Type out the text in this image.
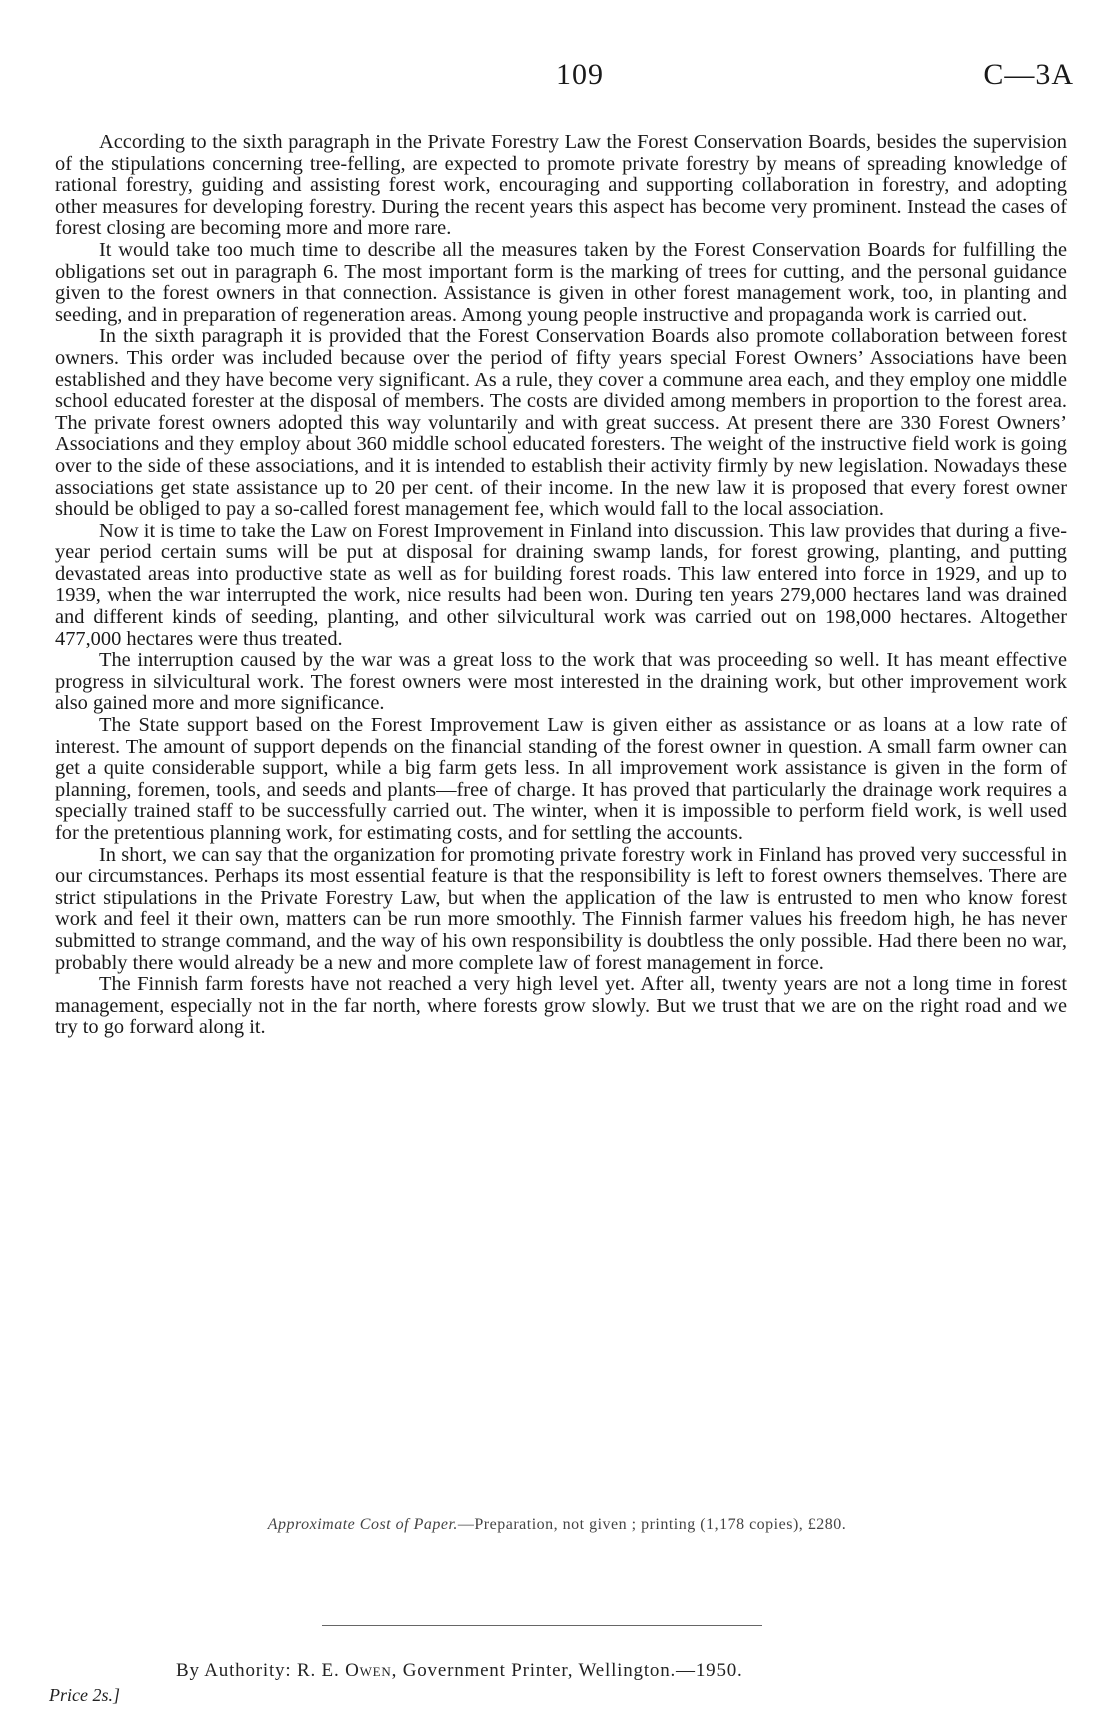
109	C—3A

According to the sixth paragraph in the Private Forestry Law the Forest Conservation Boards, besides the supervision of the stipulations concerning tree-felling, are expected to promote private forestry by means of spreading knowledge of rational forestry, guiding and assisting forest work, encouraging and supporting collaboration in forestry, and adopting other measures for developing forestry. During the recent years this aspect has become very prominent. Instead the cases of forest closing are becoming more and more rare.

It would take too much time to describe all the measures taken by the Forest Conservation Boards for fulfilling the obligations set out in paragraph 6. The most important form is the marking of trees for cutting, and the personal guidance given to the forest owners in that connection. Assistance is given in other forest management work, too, in planting and seeding, and in preparation of regeneration areas. Among young people instructive and propaganda work is carried out.

In the sixth paragraph it is provided that the Forest Conservation Boards also promote collaboration between forest owners. This order was included because over the period of fifty years special Forest Owners’ Associations have been established and they have become very significant. As a rule, they cover a commune area each, and they employ one middle school educated forester at the disposal of members. The costs are divided among members in proportion to the forest area. The private forest owners adopted this way voluntarily and with great success. At present there are 330 Forest Owners’ Associations and they employ about 360 middle school educated foresters. The weight of the instructive field work is going over to the side of these associations, and it is intended to establish their activity firmly by new legislation. Nowadays these associations get state assistance up to 20 per cent. of their income. In the new law it is proposed that every forest owner should be obliged to pay a so-called forest management fee, which would fall to the local association.

Now it is time to take the Law on Forest Improvement in Finland into discussion. This law provides that during a five-year period certain sums will be put at disposal for draining swamp lands, for forest growing, planting, and putting devastated areas into productive state as well as for building forest roads. This law entered into force in 1929, and up to 1939, when the war interrupted the work, nice results had been won. During ten years 279,000 hectares land was drained and different kinds of seeding, planting, and other silvicultural work was carried out on 198,000 hectares. Altogether 477,000 hectares were thus treated.

The interruption caused by the war was a great loss to the work that was proceeding so well. It has meant effective progress in silvicultural work. The forest owners were most interested in the draining work, but other improvement work also gained more and more significance.

The State support based on the Forest Improvement Law is given either as assistance or as loans at a low rate of interest. The amount of support depends on the financial standing of the forest owner in question. A small farm owner can get a quite considerable support, while a big farm gets less. In all improvement work assistance is given in the form of planning, foremen, tools, and seeds and plants—free of charge. It has proved that particularly the drainage work requires a specially trained staff to be successfully carried out. The winter, when it is impossible to perform field work, is well used for the pretentious planning work, for estimating costs, and for settling the accounts.

In short, we can say that the organization for promoting private forestry work in Finland has proved very successful in our circumstances. Perhaps its most essential feature is that the responsibility is left to forest owners themselves. There are strict stipulations in the Private Forestry Law, but when the application of the law is entrusted to men who know forest work and feel it their own, matters can be run more smoothly. The Finnish farmer values his freedom high, he has never submitted to strange command, and the way of his own responsibility is doubtless the only possible. Had there been no war, probably there would already be a new and more complete law of forest management in force.

The Finnish farm forests have not reached a very high level yet. After all, twenty years are not a long time in forest management, especially not in the far north, where forests grow slowly. But we trust that we are on the right road and we try to go forward along it.

Approximate Cost of Paper.—Preparation, not given ; printing (1,178 copies), £280.
By Authority: R. E. Owen, Government Printer, Wellington.—1950.
Price 2s.]
